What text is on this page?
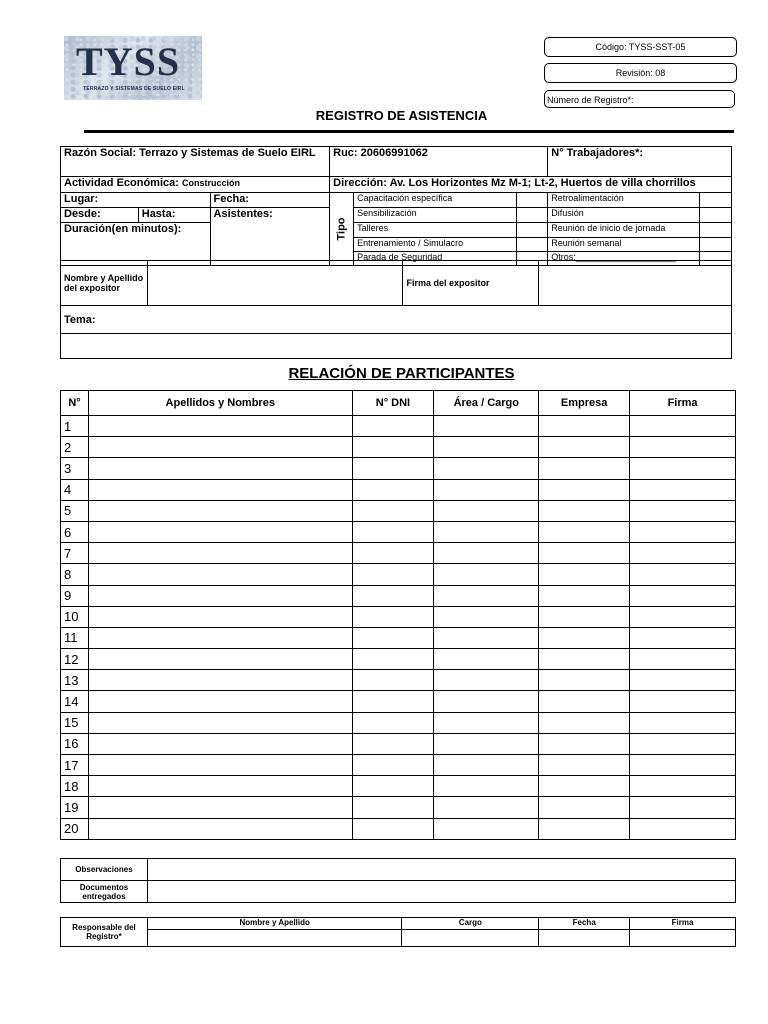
TYSS
TERRAZO Y SISTEMAS DE SUELO EIRL
Código: TYSS-SST-05
Revisión: 08
Número de Registro*:
REGISTRO DE ASISTENCIA
Razón Social: Terrazo y Sistemas de Suelo EIRL			Ruc: 20606991062			N° Trabajadores*:	
Actividad Económica: Construcción			Dirección: Av. Los Horizontes Mz M-1; Lt-2, Huertos de villa chorrillos				
Lugar:		Fecha:	Tipo	Capacitación específica		Retroalimentación	
Desde:	Hasta:	Asistentes:		Sensibilización		Difusión	
Duración(en minutos):				Talleres		Reunión de inicio de jornada	
				Entrenamiento / Simulacro		Reunión semanal	
				Parada de Seguridad		Otros:____________________	
Nombre y Apellido del expositor		Firma del expositor	
Tema:

RELACIÓN DE PARTICIPANTES
N°	Apellidos y Nombres	N° DNI	Área / Cargo	Empresa	Firma
1					
2					
3					
4					
5					
6					
7					
8					
9					
10					
11					
12					
13					
14					
15					
16					
17					
18					
19					
20					
Observaciones	
Documentos entregados	
Responsable del Registro*	Nombre y Apellido	Cargo	Fecha	Firma
